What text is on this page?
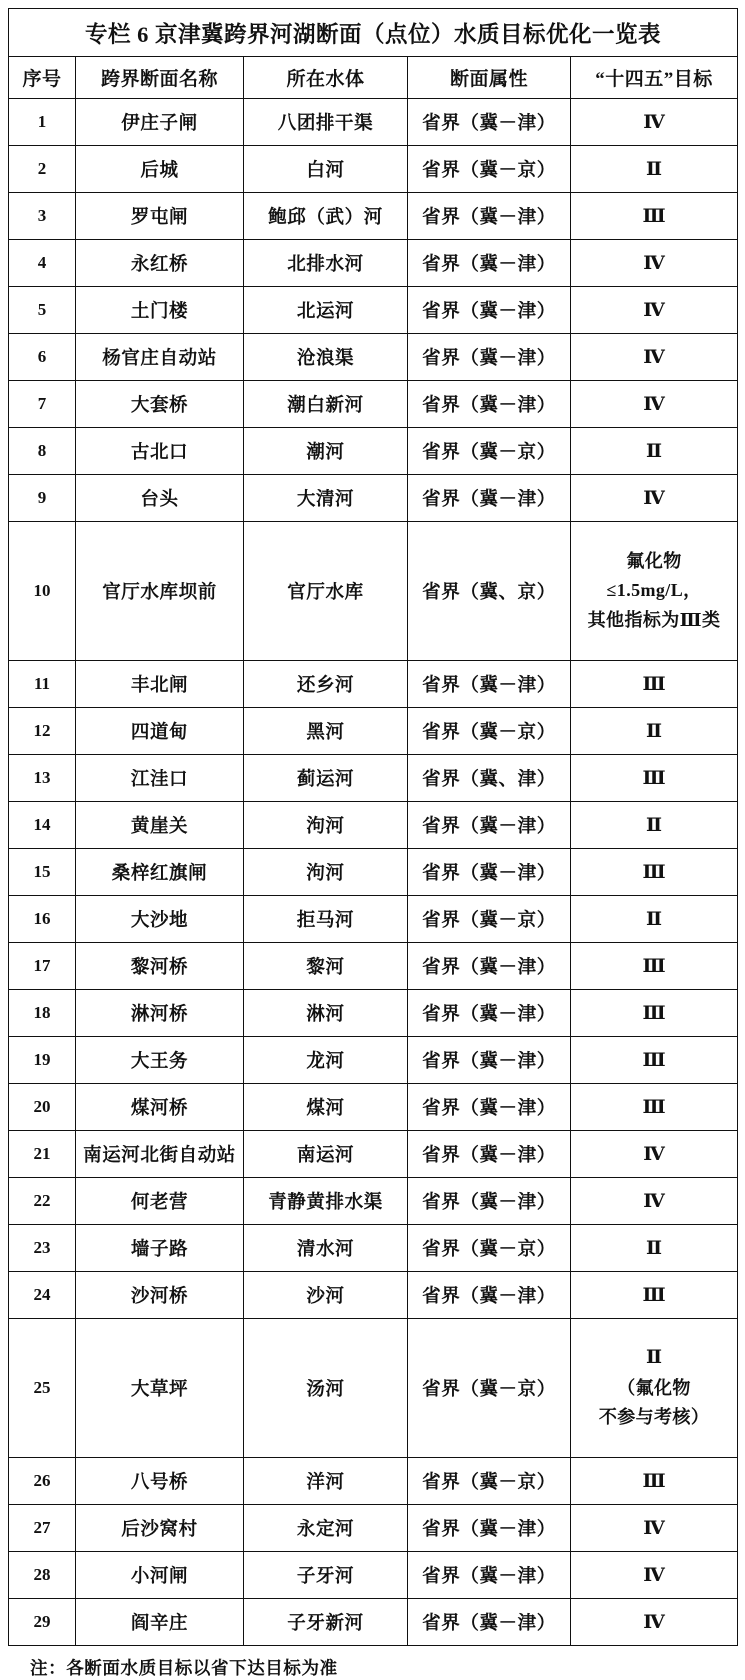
专栏 6 京津冀跨界河湖断面（点位）水质目标优化一览表				
序号	跨界断面名称	所在水体	断面属性	“十四五”目标
1	伊庄子闸	八团排干渠	省界（冀－津）	Ⅳ
2	后城	白河	省界（冀－京）	Ⅱ
3	罗屯闸	鲍邱（武）河	省界（冀－津）	Ⅲ
4	永红桥	北排水河	省界（冀－津）	Ⅳ
5	土门楼	北运河	省界（冀－津）	Ⅳ
6	杨官庄自动站	沧浪渠	省界（冀－津）	Ⅳ
7	大套桥	潮白新河	省界（冀－津）	Ⅳ
8	古北口	潮河	省界（冀－京）	Ⅱ
9	台头	大清河	省界（冀－津）	Ⅳ
10	官厅水库坝前	官厅水库	省界（冀、京）	氟化物
≤1.5mg/L，
其他指标为Ⅲ类

11	丰北闸	还乡河	省界（冀－津）	Ⅲ
12	四道甸	黑河	省界（冀－京）	Ⅱ
13	江洼口	蓟运河	省界（冀、津）	Ⅲ
14	黄崖关	泃河	省界（冀－津）	Ⅱ
15	桑梓红旗闸	泃河	省界（冀－津）	Ⅲ
16	大沙地	拒马河	省界（冀－京）	Ⅱ
17	黎河桥	黎河	省界（冀－津）	Ⅲ
18	淋河桥	淋河	省界（冀－津）	Ⅲ
19	大王务	龙河	省界（冀－津）	Ⅲ
20	煤河桥	煤河	省界（冀－津）	Ⅲ
21	南运河北街自动站	南运河	省界（冀－津）	Ⅳ
22	何老营	青静黄排水渠	省界（冀－津）	Ⅳ
23	墙子路	清水河	省界（冀－京）	Ⅱ
24	沙河桥	沙河	省界（冀－津）	Ⅲ
25	大草坪	汤河	省界（冀－京）	Ⅱ
（氟化物
不参与考核）

26	八号桥	洋河	省界（冀－京）	Ⅲ
27	后沙窝村	永定河	省界（冀－津）	Ⅳ
28	小河闸	子牙河	省界（冀－津）	Ⅳ
29	阎辛庄	子牙新河	省界（冀－津）	Ⅳ
注：各断面水质目标以省下达目标为准
